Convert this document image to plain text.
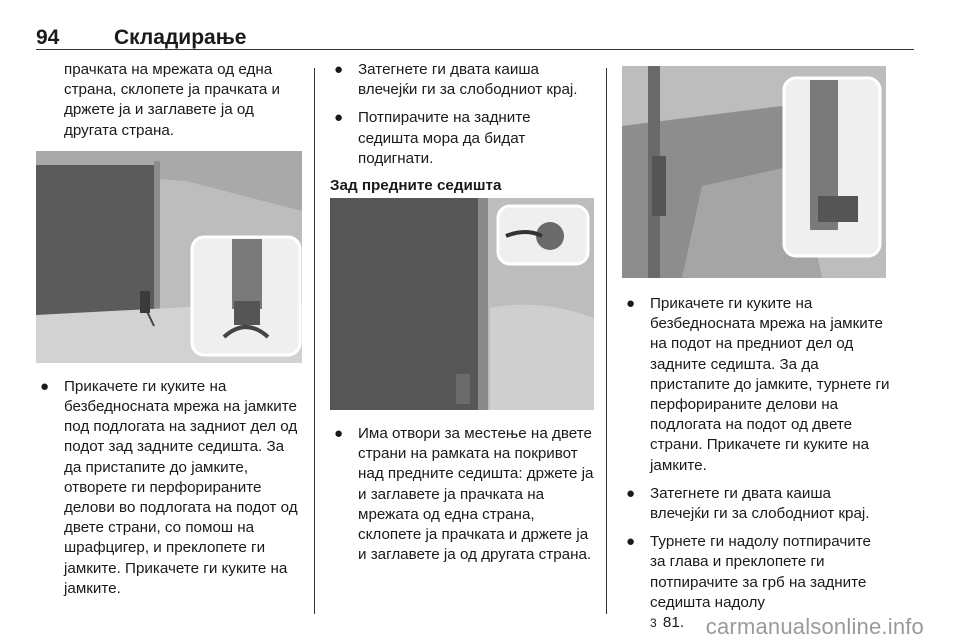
94	Складирање

прачката на мрежата од една страна, склопете ја прачката и држете ја и заглавете ја од другата страна.

● Прикачете ги куките на безбедносната мрежа на јамките под подлогата на задниот дел од подот зад задните седишта. За да пристапите до јамките, отворете ги перфорираните делови во подлогата на подот од двете страни, со помош на шрафцигер, и преклопете ги јамките. Прикачете ги куките на јамките.
● Затегнете ги двата каиша влечејќи ги за слободниот крај.
● Потпирачите на задните седишта мора да бидат подигнати.
Зад предните седишта
● Има отвори за местење на двете страни на рамката на покривот над предните седишта: држете ја и заглавете ја прачката на мрежата од една страна, склопете ја прачката и држете ја и заглавете ја од другата страна.
● Прикачете ги куките на безбедносната мрежа на јамките на подот на предниот дел од задните седишта. За да пристапите до јамките, турнете ги перфорираните делови на подлогата на подот од двете страни. Прикачете ги куките на јамките.
● Затегнете ги двата каиша влечејќи ги за слободниот крај.
● Турнете ги надолу потпирачите за глава и преклопете ги потпирачите за грб на задните седишта надолу
3 81. carmanualsonline.info
